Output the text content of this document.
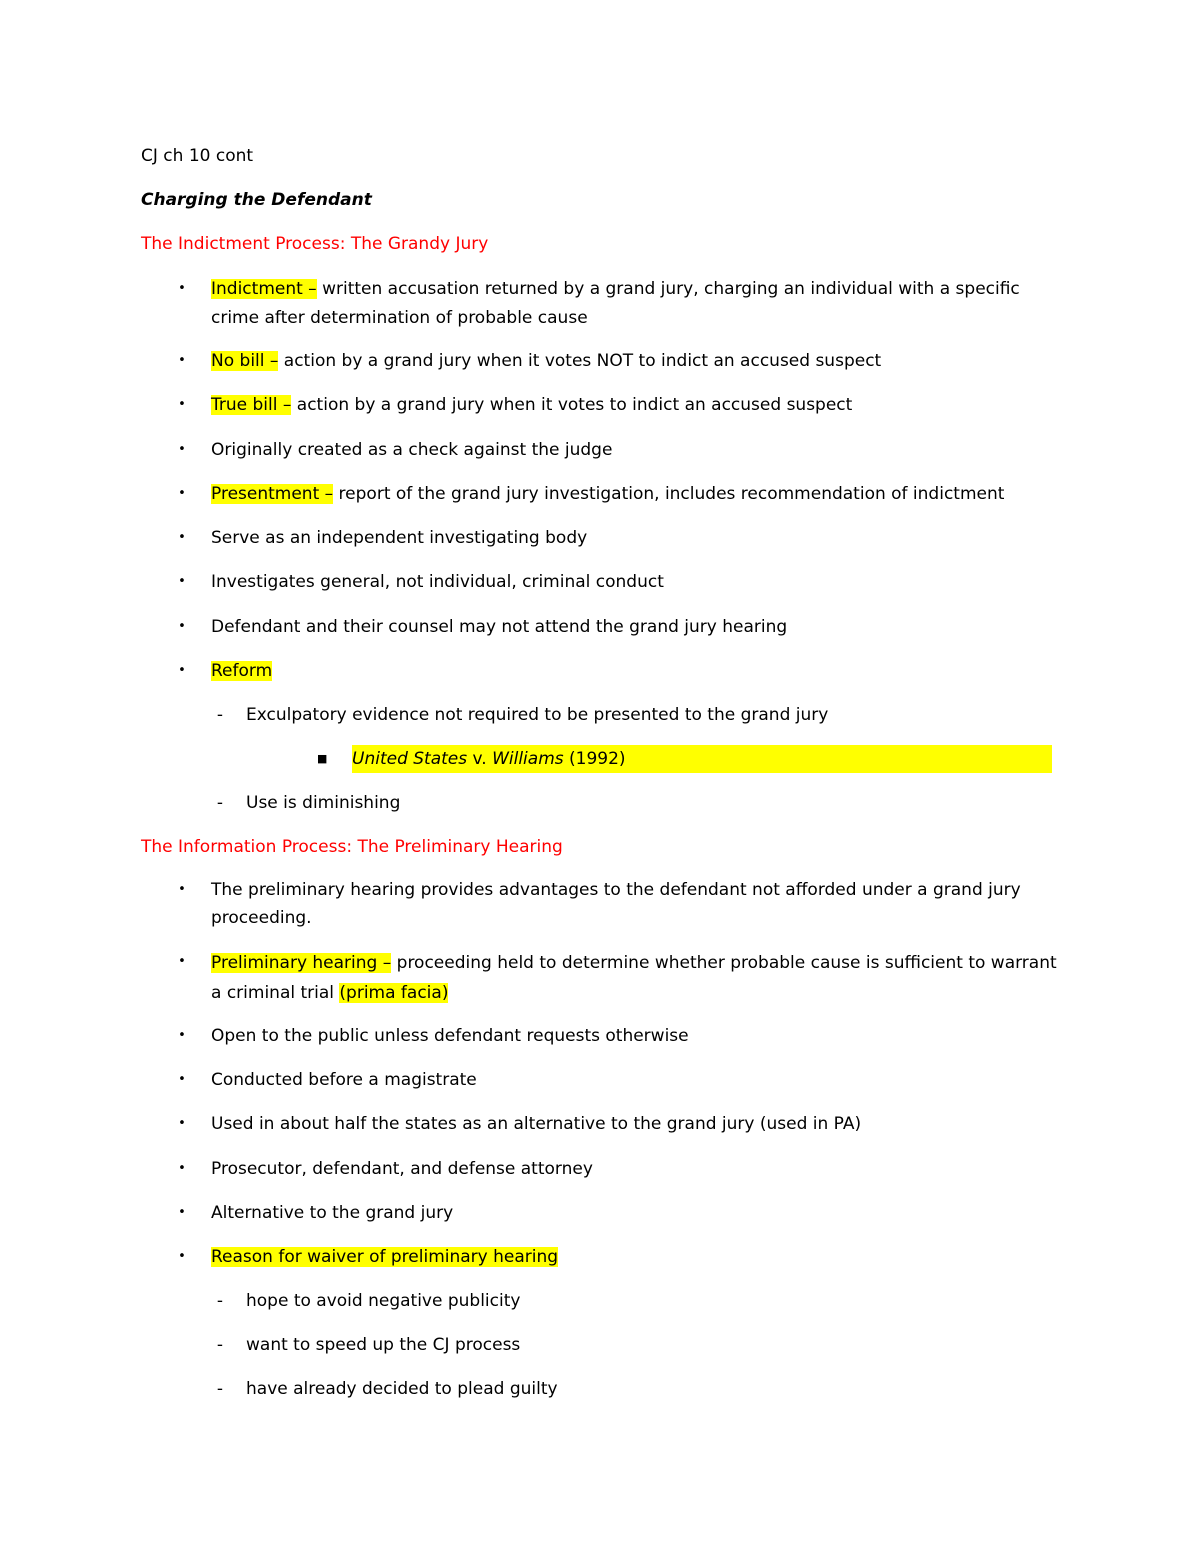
CJ ch 10 cont
Charging the Defendant
The Indictment Process: The Grandy Jury
• Indictment – written accusation returned by a grand jury, charging an individual with a specific crime after determination of probable cause
• No bill – action by a grand jury when it votes NOT to indict an accused suspect
• True bill – action by a grand jury when it votes to indict an accused suspect
• Originally created as a check against the judge
• Presentment – report of the grand jury investigation, includes recommendation of indictment
• Serve as an independent investigating body
• Investigates general, not individual, criminal conduct
• Defendant and their counsel may not attend the grand jury hearing
• Reform
- Exculpatory evidence not required to be presented to the grand jury
■ United States v. Williams (1992)
- Use is diminishing
The Information Process: The Preliminary Hearing
• The preliminary hearing provides advantages to the defendant not afforded under a grand jury proceeding.
• Preliminary hearing – proceeding held to determine whether probable cause is sufficient to warrant a criminal trial (prima facia)
• Open to the public unless defendant requests otherwise
• Conducted before a magistrate
• Used in about half the states as an alternative to the grand jury (used in PA)
• Prosecutor, defendant, and defense attorney
• Alternative to the grand jury
• Reason for waiver of preliminary hearing
- hope to avoid negative publicity
- want to speed up the CJ process
- have already decided to plead guilty
